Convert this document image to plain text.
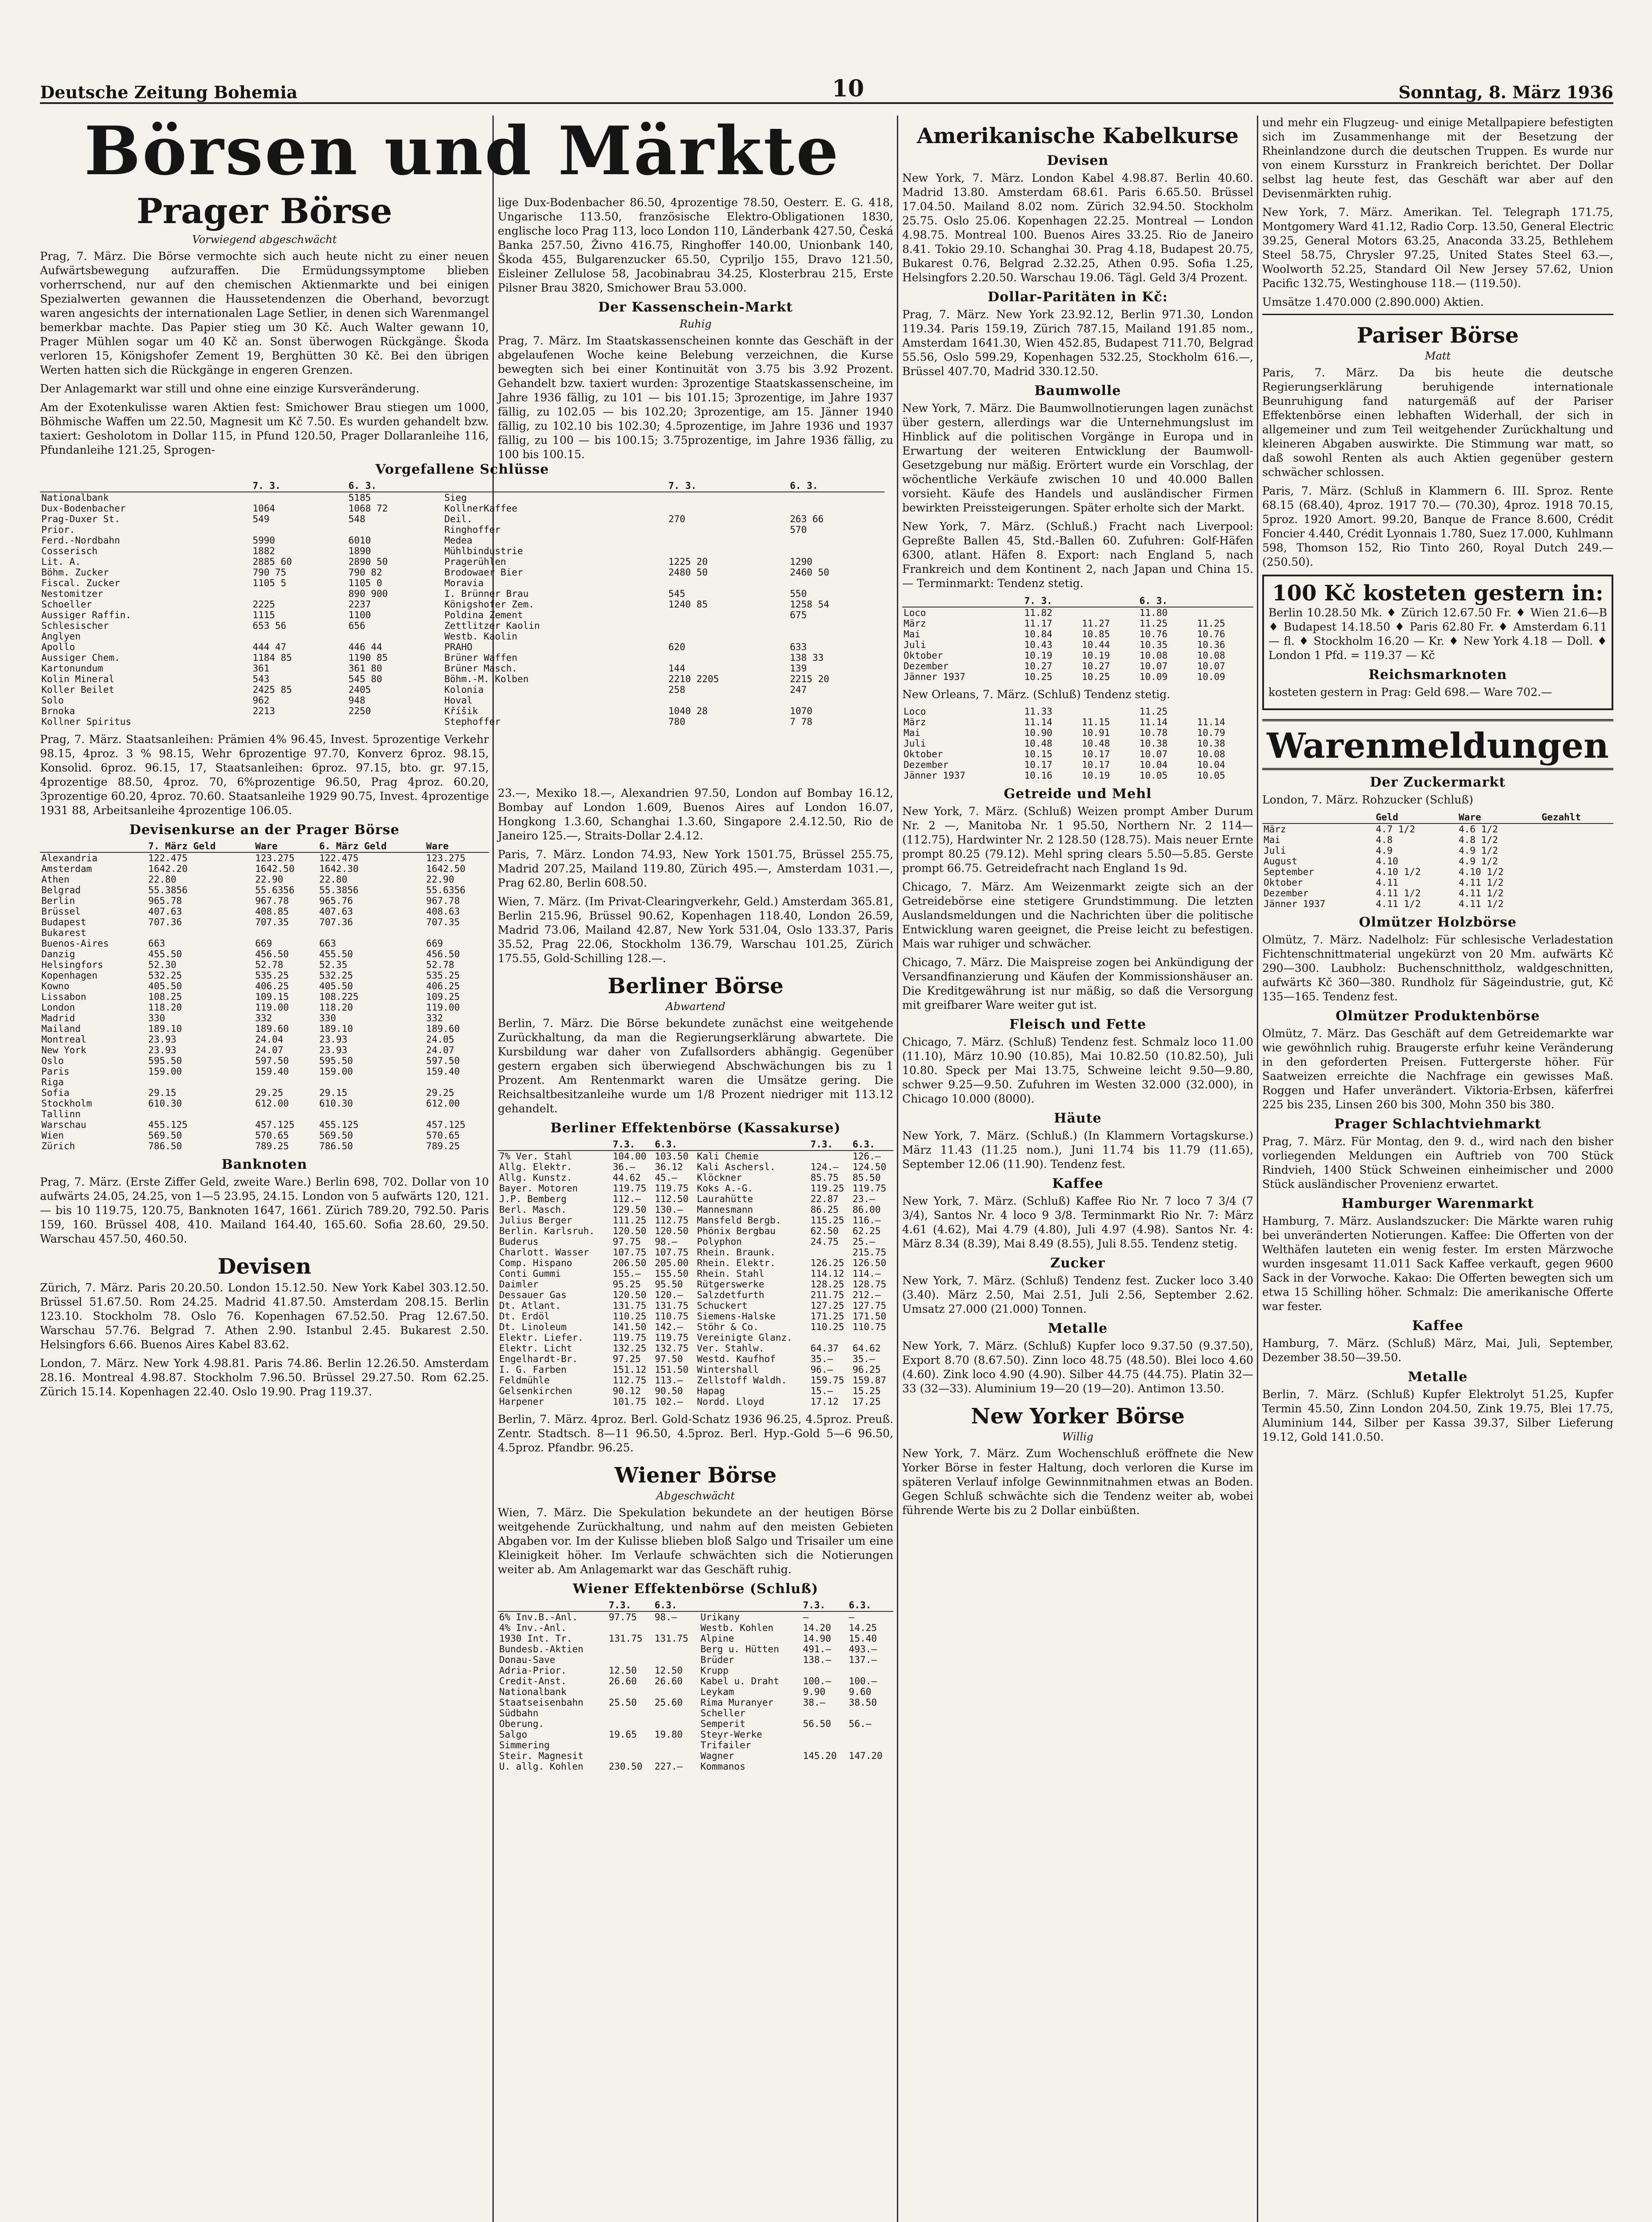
Deutsche Zeitung Bohemia	10	Sonntag, 8. März 1936
Börsen und Märkte
Prager Börse
Vorwiegend abgeschwächt

Prag, 7. März. Die Börse vermochte sich auch heute nicht zu einer neuen Aufwärtsbewegung aufzuraffen. Die Ermüdungssymptome blieben vorherrschend, nur auf den chemischen Aktienmarkte und bei einigen Spezialwerten gewannen die Haussetendenzen die Oberhand, bevorzugt waren angesichts der internationalen Lage Setlier, in denen sich Warenmangel bemerkbar machte. Das Papier stieg um 30 Kč. Auch Walter gewann 10, Prager Mühlen sogar um 40 Kč an. Sonst überwogen Rückgänge. Škoda verloren 15, Königshofer Zement 19, Berghütten 30 Kč. Bei den übrigen Werten hatten sich die Rückgänge in engeren Grenzen.

Der Anlagemarkt war still und ohne eine einzige Kursveränderung.

Am der Exotenkulisse waren Aktien fest: Smichower Brau stiegen um 1000, Böhmische Waffen um 22.50, Magnesit um Kč 7.50. Es wurden gehandelt bzw. taxiert: Gesholotom in Dollar 115, in Pfund 120.50, Prager Dollaranleihe 116, Pfundanleihe 121.25, Sprogen-

Vorgefallene Schlüsse
	7. 3.	6. 3.		7. 3.	6. 3.
Nationalbank		5185	Sieg		
Dux-Bodenbacher	1064	1068 72	KollnerKaffee		
Prag-Duxer St.	549	548	Deil.	270	263 66
Prior.			Ringhoffer		570
Ferd.-Nordbahn	5990	6010	Medea		
Cosserisch	1882	1890	Mühlbindustrie		
Lit. A.	2885 60	2890 50	Pragerühlen	1225 20	1290
Böhm. Zucker	790 75	790 82	Brodowaer Bier	2480 50	2460 50
Fiscal. Zucker	1105 5	1105 0	Moravia		
Nestomitzer		890 900	I. Brünner Brau	545	550
Schoeller	2225	2237	Königshofer Zem.	1240 85	1258 54
Aussiger Raffin.	1115	1100	Poldina Zement		675
Schlesischer	653 56	656	Zettlitzer Kaolin		
Anglyen			Westb. Kaolin		
Apollo	444 47	446 44	PRAHO	620	633
Aussiger Chem.	1184 85	1190 85	Brüner Waffen		138 33
Kartonundum	361	361 80	Brüner Masch.	144	139
Kolin Mineral	543	545 80	Böhm.-M. Kolben	2210 2205	2215 20
Koller Beilet	2425 85	2405	Kolonia	258	247
Solo	962	948	Hoval		
Brnoka	2213	2250	Kříšik	1040 28	1070
Kollner Spiritus			Stephoffer	780	7 78

Prag, 7. März. Staatsanleihen: Prämien 4% 96.45, Invest. 5prozentige Verkehr 98.15, 4proz. 3 % 98.15, Wehr 6prozentige 97.70, Konverz 6proz. 98.15, Konsolid. 6proz. 96.15, 17, Staatsanleihen: 6proz. 97.15, bto. gr. 97.15, 4prozentige 88.50, 4proz. 70, 6%prozentige 96.50, Prag 4proz. 60.20, 3prozentige 60.20, 4proz. 70.60. Staatsanleihe 1929 90.75, Invest. 4prozentige 1931 88, Arbeitsanleihe 4prozentige 106.05.

Devisenkurse an der Prager Börse
	7. März Geld	Ware	6. März Geld	Ware
Alexandria	122.475	123.275	122.475	123.275
Amsterdam	1642.20	1642.50	1642.30	1642.50
Athen	22.80	22.90	22.80	22.90
Belgrad	55.3856	55.6356	55.3856	55.6356
Berlin	965.78	967.78	965.76	967.78
Brüssel	407.63	408.85	407.63	408.63
Budapest	707.36	707.35	707.36	707.35
Bukarest				
Buenos-Aires	663	669	663	669
Danzig	455.50	456.50	455.50	456.50
Helsingfors	52.30	52.78	52.35	52.78
Kopenhagen	532.25	535.25	532.25	535.25
Kowno	405.50	406.25	405.50	406.25
Lissabon	108.25	109.15	108.225	109.25
London	118.20	119.00	118.20	119.00
Madrid	330	332	330	332
Mailand	189.10	189.60	189.10	189.60
Montreal	23.93	24.04	23.93	24.05
New York	23.93	24.07	23.93	24.07
Oslo	595.50	597.50	595.50	597.50
Paris	159.00	159.40	159.00	159.40
Riga				
Sofia	29.15	29.25	29.15	29.25
Stockholm	610.30	612.00	610.30	612.00
Tallinn				
Warschau	455.125	457.125	455.125	457.125
Wien	569.50	570.65	569.50	570.65
Zürich	786.50	789.25	786.50	789.25
Banknoten

Prag, 7. März. (Erste Ziffer Geld, zweite Ware.) Berlin 698, 702. Dollar von 10 aufwärts 24.05, 24.25, von 1—5 23.95, 24.15. London von 5 aufwärts 120, 121. — bis 10 119.75, 120.75, Banknoten 1647, 1661. Zürich 789.20, 792.50. Paris 159, 160. Brüssel 408, 410. Mailand 164.40, 165.60. Sofia 28.60, 29.50. Warschau 457.50, 460.50.

Devisen

Zürich, 7. März. Paris 20.20.50. London 15.12.50. New York Kabel 303.12.50. Brüssel 51.67.50. Rom 24.25. Madrid 41.87.50. Amsterdam 208.15. Berlin 123.10. Stockholm 78. Oslo 76. Kopenhagen 67.52.50. Prag 12.67.50. Warschau 57.76. Belgrad 7. Athen 2.90. Istanbul 2.45. Bukarest 2.50. Helsingfors 6.66. Buenos Aires Kabel 83.62.

London, 7. März. New York 4.98.81. Paris 74.86. Berlin 12.26.50. Amsterdam 28.16. Montreal 4.98.87. Stockholm 7.96.50. Brüssel 29.27.50. Rom 62.25. Zürich 15.14. Kopenhagen 22.40. Oslo 19.90. Prag 119.37.

lige Dux-Bodenbacher 86.50, 4prozentige 78.50, Oesterr. E. G. 418, Ungarische 113.50, französische Elektro-Obligationen 1830, englische loco Prag 113, loco London 110, Länderbank 427.50, Česká Banka 257.50, Živno 416.75, Ringhoffer 140.00, Unionbank 140, Škoda 455, Bulgarenzucker 65.50, Cypriljo 155, Dravo 121.50, Eisleiner Zellulose 58, Jacobinabrau 34.25, Klosterbrau 215, Erste Pilsner Brau 3820, Smichower Brau 53.000.

Der Kassenschein-Markt
Ruhig

Prag, 7. März. Im Staatskassenscheinen konnte das Geschäft in der abgelaufenen Woche keine Belebung verzeichnen, die Kurse bewegten sich bei einer Kontinuität von 3.75 bis 3.92 Prozent. Gehandelt bzw. taxiert wurden: 3prozentige Staatskassenscheine, im Jahre 1936 fällig, zu 101 — bis 101.15; 3prozentige, im Jahre 1937 fällig, zu 102.05 — bis 102.20; 3prozentige, am 15. Jänner 1940 fällig, zu 102.10 bis 102.30; 4.5prozentige, im Jahre 1936 und 1937 fällig, zu 100 — bis 100.15; 3.75prozentige, im Jahre 1936 fällig, zu 100 bis 100.15.

23.—, Mexiko 18.—, Alexandrien 97.50, London auf Bombay 16.12, Bombay auf London 1.609, Buenos Aires auf London 16.07, Hongkong 1.3.60, Schanghai 1.3.60, Singapore 2.4.12.50, Rio de Janeiro 125.—, Straits-Dollar 2.4.12.

Paris, 7. März. London 74.93, New York 1501.75, Brüssel 255.75, Madrid 207.25, Mailand 119.80, Zürich 495.—, Amsterdam 1031.—, Prag 62.80, Berlin 608.50.

Wien, 7. März. (Im Privat-Clearingverkehr, Geld.) Amsterdam 365.81, Berlin 215.96, Brüssel 90.62, Kopenhagen 118.40, London 26.59, Madrid 73.06, Mailand 42.87, New York 531.04, Oslo 133.37, Paris 35.52, Prag 22.06, Stockholm 136.79, Warschau 101.25, Zürich 175.55, Gold-Schilling 128.—.

Berliner Börse
Abwartend

Berlin, 7. März. Die Börse bekundete zunächst eine weitgehende Zurückhaltung, da man die Regierungserklärung abwartete. Die Kursbildung war daher von Zufallsorders abhängig. Gegenüber gestern ergaben sich überwiegend Abschwächungen bis zu 1 Prozent. Am Rentenmarkt waren die Umsätze gering. Die Reichsaltbesitzanleihe wurde um 1/8 Prozent niedriger mit 113.12 gehandelt.

Berliner Effektenbörse (Kassakurse)
	7.3.	6.3.		7.3.	6.3.
7% Ver. Stahl	104.00	103.50	Kali Chemie		126.—
Allg. Elektr.	36.—	36.12	Kali Aschersl.	124.—	124.50
Allg. Kunstz.	44.62	45.—	Klöckner	85.75	85.50
Bayer. Motoren	119.75	119.75	Koks A.-G.	119.25	119.75
J.P. Bemberg	112.—	112.50	Laurahütte	22.87	23.—
Berl. Masch.	129.50	130.—	Mannesmann	86.25	86.00
Julius Berger	111.25	112.75	Mansfeld Bergb.	115.25	116.—
Berlin. Karlsruh.	120.50	120.50	Phönix Bergbau	62.50	62.25
Buderus	97.75	98.—	Polyphon	24.75	25.—
Charlott. Wasser	107.75	107.75	Rhein. Braunk.		215.75
Comp. Hispano	206.50	205.00	Rhein. Elektr.	126.25	126.50
Conti Gummi	155.—	155.50	Rhein. Stahl	114.12	114.—
Daimler	95.25	95.50	Rütgerswerke	128.25	128.75
Dessauer Gas	120.50	120.—	Salzdetfurth	211.75	212.—
Dt. Atlant.	131.75	131.75	Schuckert	127.25	127.75
Dt. Erdöl	110.25	110.75	Siemens-Halske	171.25	171.50
Dt. Linoleum	141.50	142.—	Stöhr & Co.	110.25	110.75
Elektr. Liefer.	119.75	119.75	Vereinigte Glanz.		
Elektr. Licht	132.25	132.75	Ver. Stahlw.	64.37	64.62
Engelhardt-Br.	97.25	97.50	Westd. Kaufhof	35.—	35.—
I. G. Farben	151.12	151.50	Wintershall	96.—	96.25
Feldmühle	112.75	113.—	Zellstoff Waldh.	159.75	159.87
Gelsenkirchen	90.12	90.50	Hapag	15.—	15.25
Harpener	101.75	102.—	Nordd. Lloyd	17.12	17.25

Berlin, 7. März. 4proz. Berl. Gold-Schatz 1936 96.25, 4.5proz. Preuß. Zentr. Stadtsch. 8—11 96.50, 4.5proz. Berl. Hyp.-Gold 5—6 96.50, 4.5proz. Pfandbr. 96.25.

Wiener Börse
Abgeschwächt

Wien, 7. März. Die Spekulation bekundete an der heutigen Börse weitgehende Zurückhaltung, und nahm auf den meisten Gebieten Abgaben vor. Im der Kulisse blieben bloß Salgo und Trisailer um eine Kleinigkeit höher. Im Verlaufe schwächten sich die Notierungen weiter ab. Am Anlagemarkt war das Geschäft ruhig.

Wiener Effektenbörse (Schluß)
	7.3.	6.3.		7.3.	6.3.
6% Inv.B.-Anl.	97.75	98.—	Urikany	—	—
4% Inv.-Anl.			Westb. Kohlen	14.20	14.25
1930 Int. Tr.	131.75	131.75	Alpine	14.90	15.40
Bundesb.-Aktien			Berg u. Hütten	491.—	493.—
Donau-Save			Brüder	138.—	137.—
Adria-Prior.	12.50	12.50	Krupp		
Credit-Anst.	26.60	26.60	Kabel u. Draht	100.—	100.—
Nationalbank			Leykam	9.90	9.60
Staatseisenbahn	25.50	25.60	Rima Muranyer	38.—	38.50
Südbahn			Scheller		
Oberung.			Semperit	56.50	56.—
Salgo	19.65	19.80	Steyr-Werke		
Simmering			Trifailer		
Steir. Magnesit			Wagner	145.20	147.20
U. allg. Kohlen	230.50	227.—	Kommanos		
Amerikanische Kabelkurse
Devisen

New York, 7. März. London Kabel 4.98.87. Berlin 40.60. Madrid 13.80. Amsterdam 68.61. Paris 6.65.50. Brüssel 17.04.50. Mailand 8.02 nom. Zürich 32.94.50. Stockholm 25.75. Oslo 25.06. Kopenhagen 22.25. Montreal — London 4.98.75. Montreal 100. Buenos Aires 33.25. Rio de Janeiro 8.41. Tokio 29.10. Schanghai 30. Prag 4.18, Budapest 20.75, Bukarest 0.76, Belgrad 2.32.25, Athen 0.95. Sofia 1.25, Helsingfors 2.20.50. Warschau 19.06. Tägl. Geld 3/4 Prozent.

Dollar-Paritäten in Kč:

Prag, 7. März. New York 23.92.12, Berlin 971.30, London 119.34. Paris 159.19, Zürich 787.15, Mailand 191.85 nom., Amsterdam 1641.30, Wien 452.85, Budapest 711.70, Belgrad 55.56, Oslo 599.29, Kopenhagen 532.25, Stockholm 616.—, Brüssel 407.70, Madrid 330.12.50.

Baumwolle

New York, 7. März. Die Baumwollnotierungen lagen zunächst über gestern, allerdings war die Unternehmungslust im Hinblick auf die politischen Vorgänge in Europa und in Erwartung der weiteren Entwicklung der Baumwoll-Gesetzgebung nur mäßig. Erörtert wurde ein Vorschlag, der wöchentliche Verkäufe zwischen 10 und 40.000 Ballen vorsieht. Käufe des Handels und ausländischer Firmen bewirkten Preissteigerungen. Später erholte sich der Markt.

New York, 7. März. (Schluß.) Fracht nach Liverpool: Gepreßte Ballen 45, Std.-Ballen 60. Zufuhren: Golf-Häfen 6300, atlant. Häfen 8. Export: nach England 5, nach Frankreich und dem Kontinent 2, nach Japan und China 15. — Terminmarkt: Tendenz stetig.

	7. 3.		6. 3.	
Loco	11.82		11.80	
März	11.17	11.27	11.25	11.25
Mai	10.84	10.85	10.76	10.76
Juli	10.43	10.44	10.35	10.36
Oktober	10.19	10.19	10.08	10.08
Dezember	10.27	10.27	10.07	10.07
Jänner 1937	10.25	10.25	10.09	10.09

New Orleans, 7. März. (Schluß) Tendenz stetig.

Loco	11.33		11.25	
März	11.14	11.15	11.14	11.14
Mai	10.90	10.91	10.78	10.79
Juli	10.48	10.48	10.38	10.38
Oktober	10.15	10.17	10.07	10.08
Dezember	10.17	10.17	10.04	10.04
Jänner 1937	10.16	10.19	10.05	10.05
Getreide und Mehl

New York, 7. März. (Schluß) Weizen prompt Amber Durum Nr. 2 —, Manitoba Nr. 1 95.50, Northern Nr. 2 114— (112.75), Hardwinter Nr. 2 128.50 (128.75). Mais neuer Ernte prompt 80.25 (79.12). Mehl spring clears 5.50—5.85. Gerste prompt 66.75. Getreidefracht nach England 1s 9d.

Chicago, 7. März. Am Weizenmarkt zeigte sich an der Getreidebörse eine stetigere Grundstimmung. Die letzten Auslandsmeldungen und die Nachrichten über die politische Entwicklung waren geeignet, die Preise leicht zu befestigen. Mais war ruhiger und schwächer.

Chicago, 7. März. Die Maispreise zogen bei Ankündigung der Versandfinanzierung und Käufen der Kommissionshäuser an. Die Kreditgewährung ist nur mäßig, so daß die Versorgung mit greifbarer Ware weiter gut ist.

Fleisch und Fette

Chicago, 7. März. (Schluß) Tendenz fest. Schmalz loco 11.00 (11.10), März 10.90 (10.85), Mai 10.82.50 (10.82.50), Juli 10.80. Speck per Mai 13.75, Schweine leicht 9.50—9.80, schwer 9.25—9.50. Zufuhren im Westen 32.000 (32.000), in Chicago 10.000 (8000).

Häute

New York, 7. März. (Schluß.) (In Klammern Vortagskurse.) März 11.43 (11.25 nom.), Juni 11.74 bis 11.79 (11.65), September 12.06 (11.90). Tendenz fest.

Kaffee

New York, 7. März. (Schluß) Kaffee Rio Nr. 7 loco 7 3/4 (7 3/4), Santos Nr. 4 loco 9 3/8. Terminmarkt Rio Nr. 7: März 4.61 (4.62), Mai 4.79 (4.80), Juli 4.97 (4.98). Santos Nr. 4: März 8.34 (8.39), Mai 8.49 (8.55), Juli 8.55. Tendenz stetig.

Zucker

New York, 7. März. (Schluß) Tendenz fest. Zucker loco 3.40 (3.40). März 2.50, Mai 2.51, Juli 2.56, September 2.62. Umsatz 27.000 (21.000) Tonnen.

Metalle

New York, 7. März. (Schluß) Kupfer loco 9.37.50 (9.37.50), Export 8.70 (8.67.50). Zinn loco 48.75 (48.50). Blei loco 4.60 (4.60). Zink loco 4.90 (4.90). Silber 44.75 (44.75). Platin 32—33 (32—33). Aluminium 19—20 (19—20). Antimon 13.50.

New Yorker Börse
Willig

New York, 7. März. Zum Wochenschluß eröffnete die New Yorker Börse in fester Haltung, doch verloren die Kurse im späteren Verlauf infolge Gewinnmitnahmen etwas an Boden. Gegen Schluß schwächte sich die Tendenz weiter ab, wobei führende Werte bis zu 2 Dollar einbüßten.

und mehr ein Flugzeug- und einige Metallpapiere befestigten sich im Zusammenhange mit der Besetzung der Rheinlandzone durch die deutschen Truppen. Es wurde nur von einem Kurssturz in Frankreich berichtet. Der Dollar selbst lag heute fest, das Geschäft war aber auf den Devisenmärkten ruhig.

New York, 7. März. Amerikan. Tel. Telegraph 171.75, Montgomery Ward 41.12, Radio Corp. 13.50, General Electric 39.25, General Motors 63.25, Anaconda 33.25, Bethlehem Steel 58.75, Chrysler 97.25, United States Steel 63.—, Woolworth 52.25, Standard Oil New Jersey 57.62, Union Pacific 132.75, Westinghouse 118.— (119.50).

Umsätze 1.470.000 (2.890.000) Aktien.

Pariser Börse
Matt

Paris, 7. März. Da bis heute die deutsche Regierungserklärung beruhigende internationale Beunruhigung fand naturgemäß auf der Pariser Effektenbörse einen lebhaften Widerhall, der sich in allgemeiner und zum Teil weitgehender Zurückhaltung und kleineren Abgaben auswirkte. Die Stimmung war matt, so daß sowohl Renten als auch Aktien gegenüber gestern schwächer schlossen.

Paris, 7. März. (Schluß in Klammern 6. III. Sproz. Rente 68.15 (68.40), 4proz. 1917 70.— (70.30), 4proz. 1918 70.15, 5proz. 1920 Amort. 99.20, Banque de France 8.600, Crédit Foncier 4.440, Crédit Lyonnais 1.780, Suez 17.000, Kuhlmann 598, Thomson 152, Rio Tinto 260, Royal Dutch 249.— (250.50).

100 Kč kosteten gestern in:

Berlin 10.28.50 Mk. ♦ Zürich 12.67.50 Fr. ♦ Wien 21.6—B ♦ Budapest 14.18.50 ♦ Paris 62.80 Fr. ♦ Amsterdam 6.11 — fl. ♦ Stockholm 16.20 — Kr. ♦ New York 4.18 — Doll. ♦ London 1 Pfd. = 119.37 — Kč

Reichsmarknoten

kosteten gestern in Prag: Geld 698.— Ware 702.—

Warenmeldungen
Der Zuckermarkt

London, 7. März. Rohzucker (Schluß)

	Geld	Ware	Gezahlt
März	4.7 1/2	4.6 1/2	
Mai	4.8	4.8 1/2	
Juli	4.9	4.9 1/2	
August	4.10	4.9 1/2	
September	4.10 1/2	4.10 1/2	
Oktober	4.11	4.11 1/2	
Dezember	4.11 1/2	4.11 1/2	
Jänner 1937	4.11 1/2	4.11 1/2	
Olmützer Holzbörse

Olmütz, 7. März. Nadelholz: Für schlesische Verladestation Fichtenschnittmaterial ungekürzt von 20 Mm. aufwärts Kč 290—300. Laubholz: Buchenschnittholz, waldgeschnitten, aufwärts Kč 360—380. Rundholz für Sägeindustrie, gut, Kč 135—165. Tendenz fest.

Olmützer Produktenbörse

Olmütz, 7. März. Das Geschäft auf dem Getreidemarkte war wie gewöhnlich ruhig. Braugerste erfuhr keine Veränderung in den geforderten Preisen. Futtergerste höher. Für Saatweizen erreichte die Nachfrage ein gewisses Maß. Roggen und Hafer unverändert. Viktoria-Erbsen, käferfrei 225 bis 235, Linsen 260 bis 300, Mohn 350 bis 380.

Prager Schlachtviehmarkt

Prag, 7. März. Für Montag, den 9. d., wird nach den bisher vorliegenden Meldungen ein Auftrieb von 700 Stück Rindvieh, 1400 Stück Schweinen einheimischer und 2000 Stück ausländischer Provenienz erwartet.

Hamburger Warenmarkt

Hamburg, 7. März. Auslandszucker: Die Märkte waren ruhig bei unveränderten Notierungen. Kaffee: Die Offerten von der Welthäfen lauteten ein wenig fester. Im ersten Märzwoche wurden insgesamt 11.011 Sack Kaffee verkauft, gegen 9600 Sack in der Vorwoche. Kakao: Die Offerten bewegten sich um etwa 15 Schilling höher. Schmalz: Die amerikanische Offerte war fester.

Kaffee

Hamburg, 7. März. (Schluß) März, Mai, Juli, September, Dezember 38.50—39.50.

Metalle

Berlin, 7. März. (Schluß) Kupfer Elektrolyt 51.25, Kupfer Termin 45.50, Zinn London 204.50, Zink 19.75, Blei 17.75, Aluminium 144, Silber per Kassa 39.37, Silber Lieferung 19.12, Gold 141.0.50.
